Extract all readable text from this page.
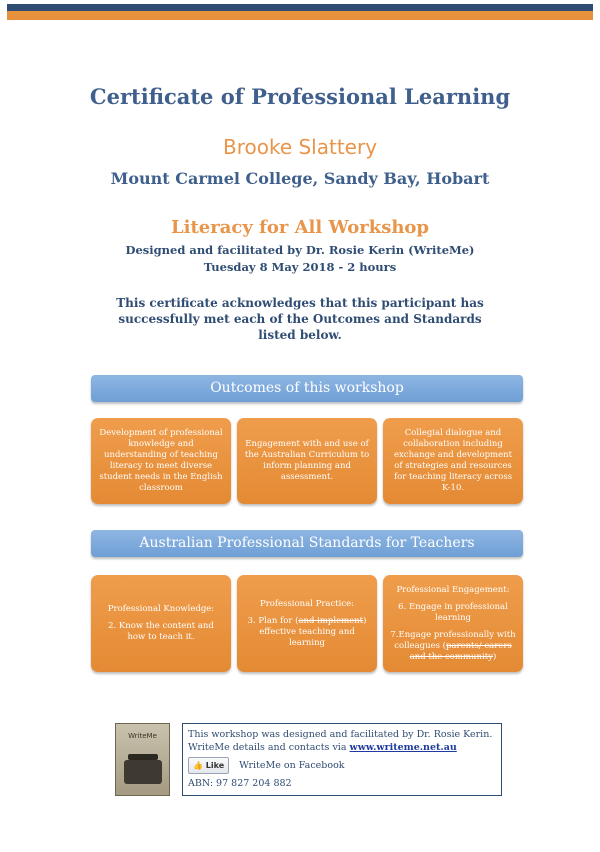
Certificate of Professional Learning
Brooke Slattery
Mount Carmel College, Sandy Bay, Hobart
Literacy for All Workshop
Designed and facilitated by Dr. Rosie Kerin (WriteMe)
Tuesday 8 May 2018 - 2 hours
This certificate acknowledges that this participant has successfully met each of the Outcomes and Standards listed below.
Outcomes of this workshop
Development of professional knowledge and understanding of teaching literacy to meet diverse student needs in the English classroom
Engagement with and use of the Australian Curriculum to inform planning and assessment.
Collegial dialogue and collaboration including exchange and development of strategies and resources for teaching literacy across K-10.
Australian Professional Standards for Teachers
Professional Knowledge:
2. Know the content and how to teach it.
Professional Practice:
3. Plan for (and implement) effective teaching and learning
Professional Engagement:
6. Engage in professional learning
7.Engage professionally with colleagues (parents/ carers and the community)
WriteMe	This workshop was designed and facilitated by Dr. Rosie Kerin.
WriteMe details and contacts via www.writeme.net.au
👍 Like	WriteMe on Facebook
ABN: 97 827 204 882
